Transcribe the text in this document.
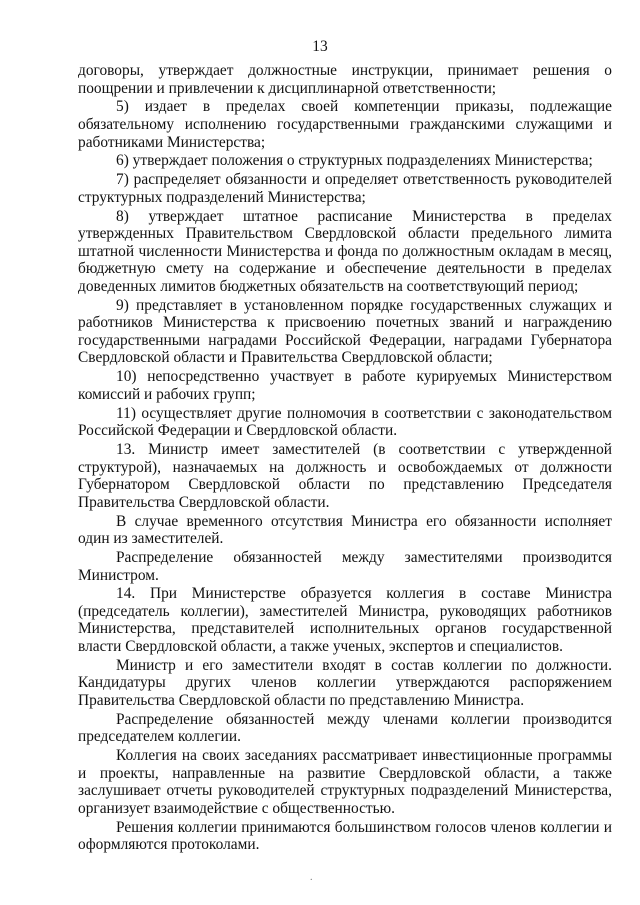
13

договоры, утверждает должностные инструкции, принимает решения о поощрении и привлечении к дисциплинарной ответственности;

5) издает в пределах своей компетенции приказы, подлежащие обязательному исполнению государственными гражданскими служащими и работниками Министерства;

6) утверждает положения о структурных подразделениях Министерства;

7) распределяет обязанности и определяет ответственность руководителей структурных подразделений Министерства;

8) утверждает штатное расписание Министерства в пределах утвержденных Правительством Свердловской области предельного лимита штатной численности Министерства и фонда по должностным окладам в месяц, бюджетную смету на содержание и обеспечение деятельности в пределах доведенных лимитов бюджетных обязательств на соответствующий период;

9) представляет в установленном порядке государственных служащих и работников Министерства к присвоению почетных званий и награждению государственными наградами Российской Федерации, наградами Губернатора Свердловской области и Правительства Свердловской области;

10) непосредственно участвует в работе курируемых Министерством комиссий и рабочих групп;

11) осуществляет другие полномочия в соответствии с законодательством Российской Федерации и Свердловской области.

13. Министр имеет заместителей (в соответствии с утвержденной структурой), назначаемых на должность и освобождаемых от должности Губернатором Свердловской области по представлению Председателя Правительства Свердловской области.

В случае временного отсутствия Министра его обязанности исполняет один из заместителей.

Распределение обязанностей между заместителями производится Министром.

14. При Министерстве образуется коллегия в составе Министра (председатель коллегии), заместителей Министра, руководящих работников Министерства, представителей исполнительных органов государственной власти Свердловской области, а также ученых, экспертов и специалистов.

Министр и его заместители входят в состав коллегии по должности. Кандидатуры других членов коллегии утверждаются распоряжением Правительства Свердловской области по представлению Министра.

Распределение обязанностей между членами коллегии производится председателем коллегии.

Коллегия на своих заседаниях рассматривает инвестиционные программы и проекты, направленные на развитие Свердловской области, а также заслушивает отчеты руководителей структурных подразделений Министерства, организует взаимодействие с общественностью.

Решения коллегии принимаются большинством голосов членов коллегии и оформляются протоколами.

.
